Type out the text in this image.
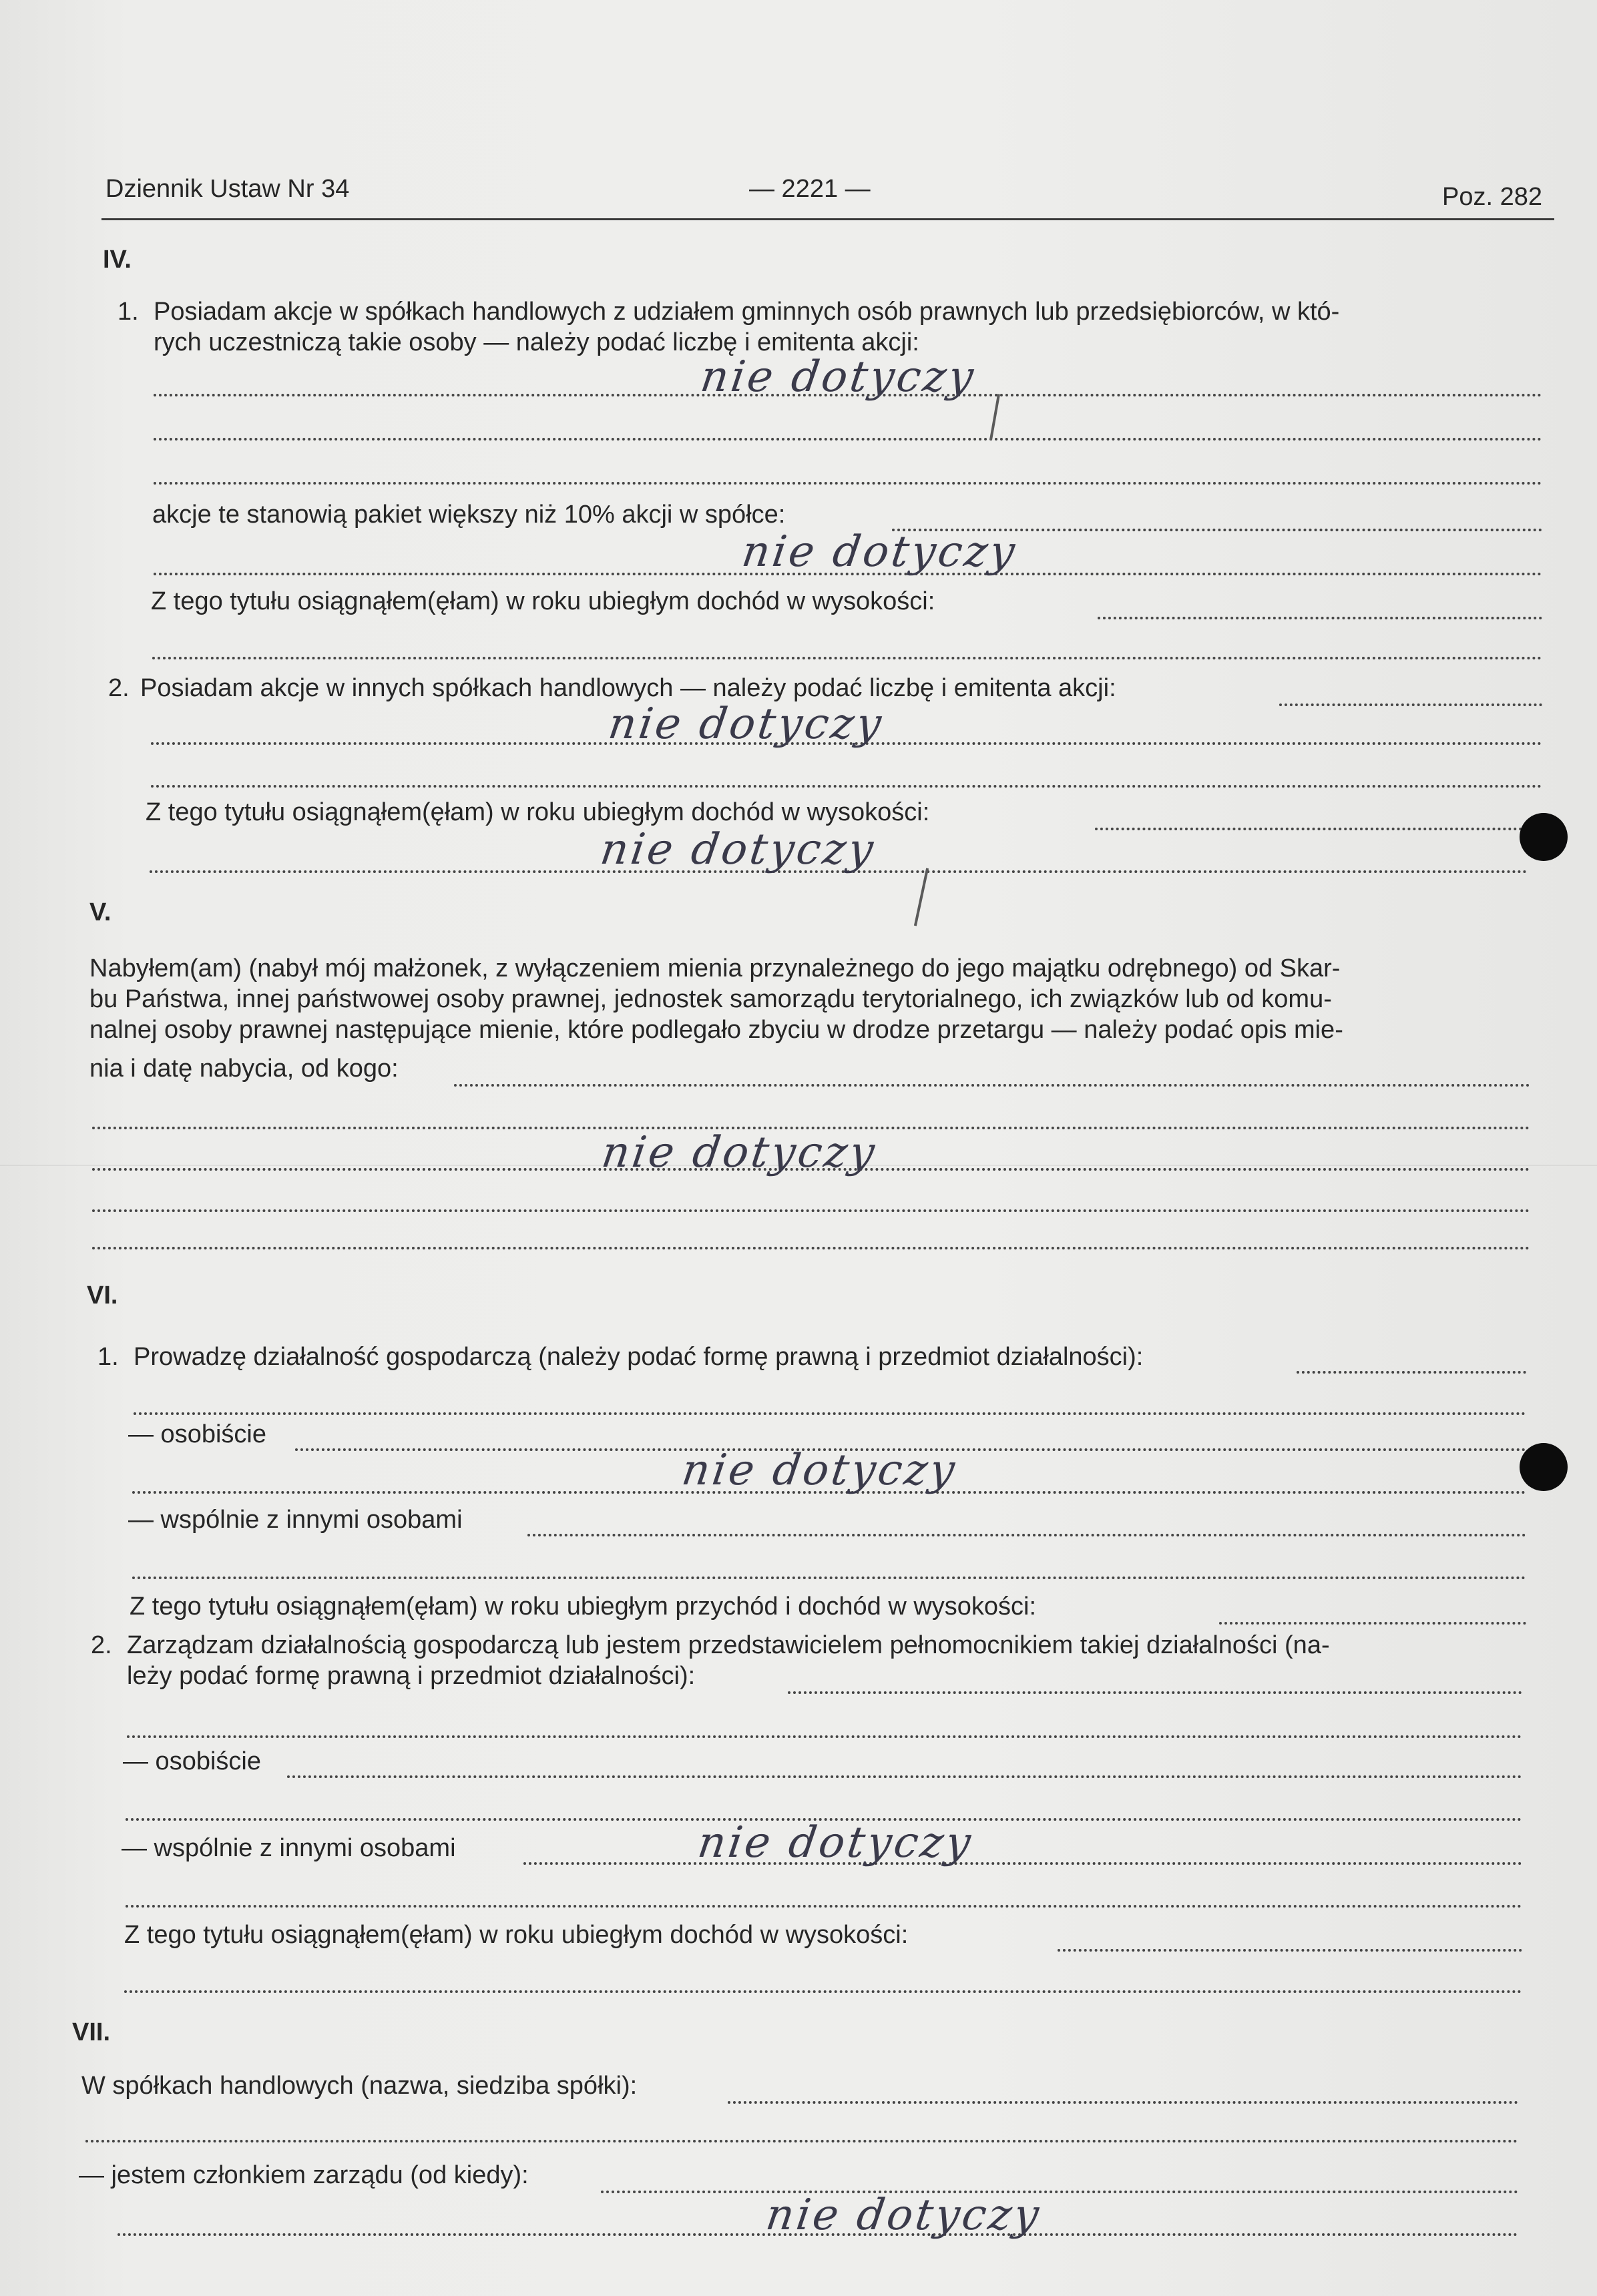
Dziennik Ustaw Nr 34	— 2221 —	Poz. 282
IV.
1. Posiadam akcje w spółkach handlowych z udziałem gminnych osób prawnych lub przedsiębiorców, w któ-
rych uczestniczą takie osoby — należy podać liczbę i emitenta akcji:
nie dotyczy
akcje te stanowią pakiet większy niż 10% akcji w spółce:
nie dotyczy
Z tego tytułu osiągnąłem(ęłam) w roku ubiegłym dochód w wysokości:
2. Posiadam akcje w innych spółkach handlowych — należy podać liczbę i emitenta akcji:
nie dotyczy
Z tego tytułu osiągnąłem(ęłam) w roku ubiegłym dochód w wysokości:
nie dotyczy
V.
Nabyłem(am) (nabył mój małżonek, z wyłączeniem mienia przynależnego do jego majątku odrębnego) od Skar-
bu Państwa, innej państwowej osoby prawnej, jednostek samorządu terytorialnego, ich związków lub od komu-
nalnej osoby prawnej następujące mienie, które podlegało zbyciu w drodze przetargu — należy podać opis mie-
nia i datę nabycia, od kogo:
nie dotyczy
VI.
1. Prowadzę działalność gospodarczą (należy podać formę prawną i przedmiot działalności):
— osobiście
nie dotyczy
— wspólnie z innymi osobami
Z tego tytułu osiągnąłem(ęłam) w roku ubiegłym przychód i dochód w wysokości:
2. Zarządzam działalnością gospodarczą lub jestem przedstawicielem pełnomocnikiem takiej działalności (na-
leży podać formę prawną i przedmiot działalności):
— osobiście
— wspólnie z innymi osobami	nie dotyczy
Z tego tytułu osiągnąłem(ęłam) w roku ubiegłym dochód w wysokości:
VII.
W spółkach handlowych (nazwa, siedziba spółki):
— jestem członkiem zarządu (od kiedy):
nie dotyczy
